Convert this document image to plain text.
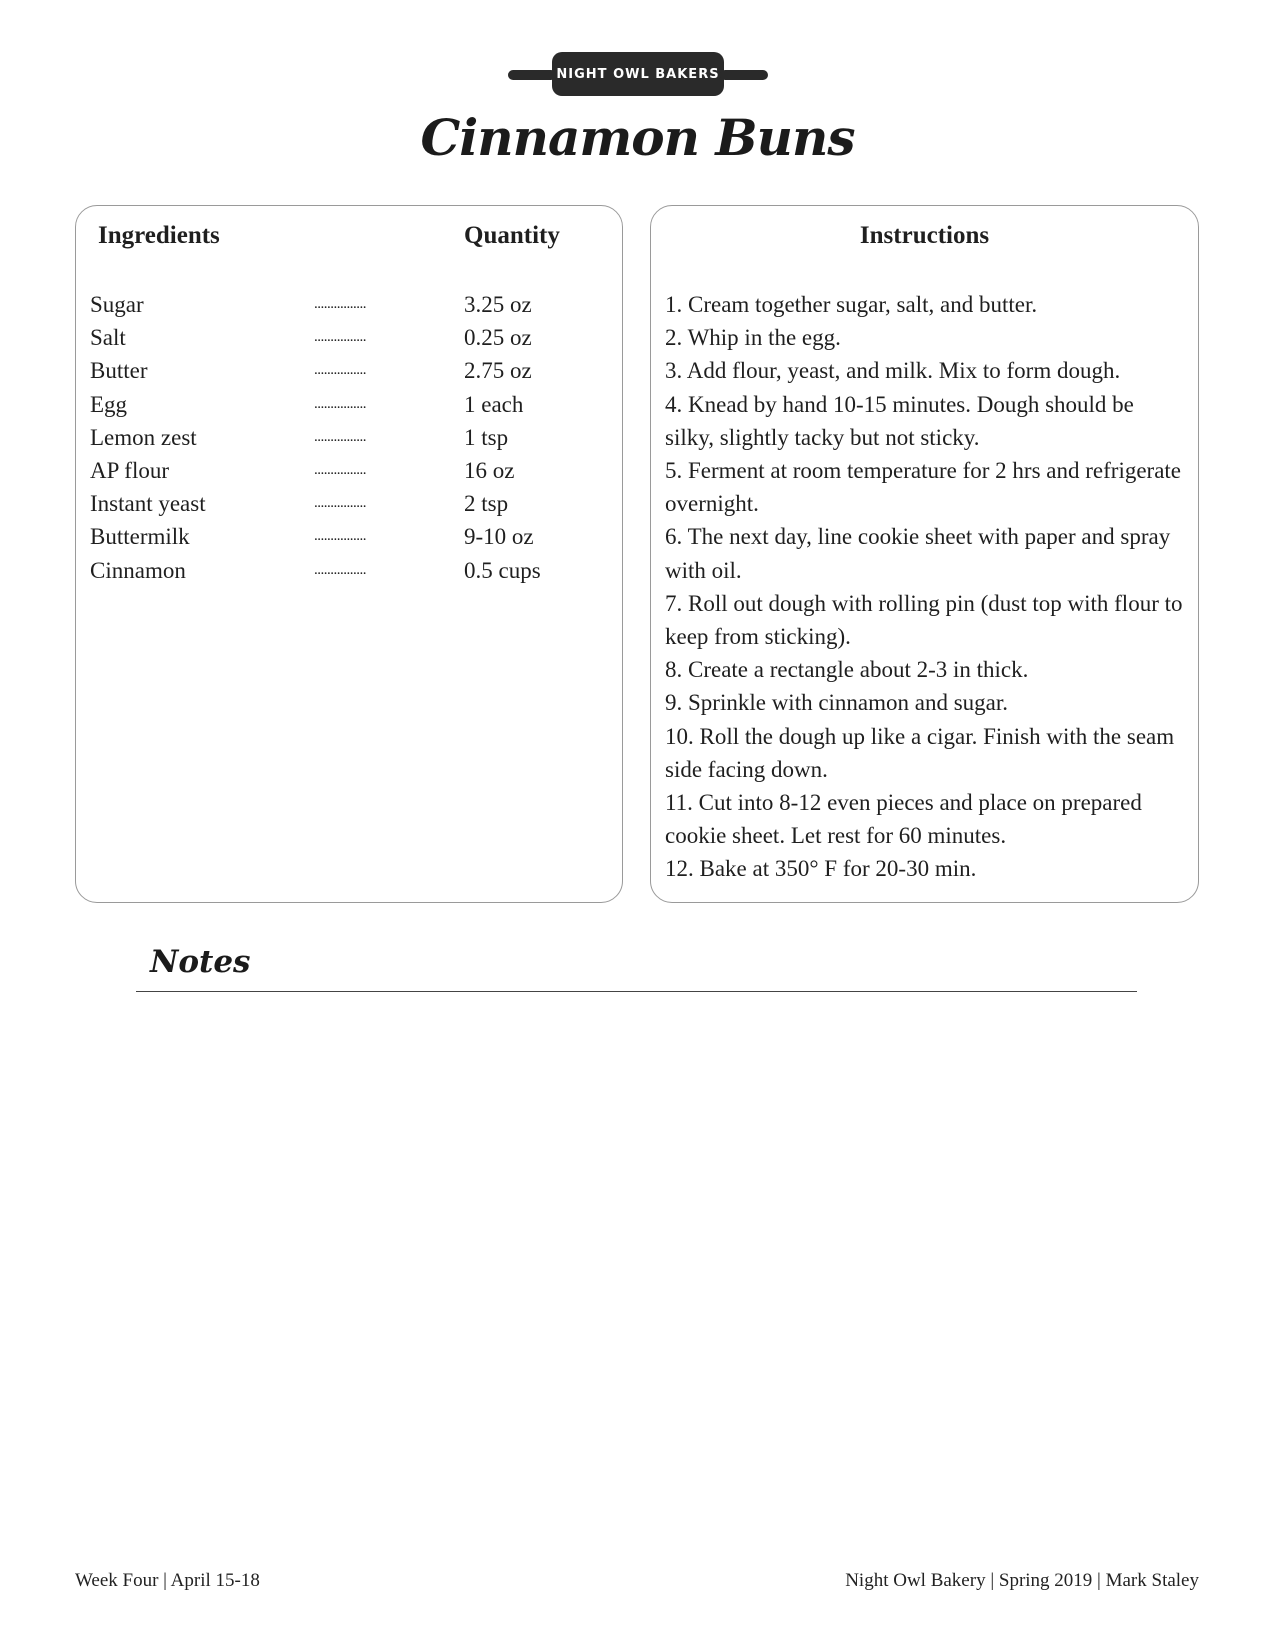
NIGHT OWL BAKERS
Cinnamon Buns
Ingredients	Quantity
Sugar	................	3.25 oz
Salt	................	0.25 oz
Butter	................	2.75 oz
Egg	................	1 each
Lemon zest	................	1 tsp
AP flour	................	16 oz
Instant yeast	................	2 tsp
Buttermilk	................	9-10 oz
Cinnamon	................	0.5 cups
Instructions
1. Cream together sugar, salt, and butter.
2. Whip in the egg.
3. Add flour, yeast, and milk. Mix to form dough.
4. Knead by hand 10-15 minutes. Dough should be silky, slightly tacky but not sticky.
5. Ferment at room temperature for 2 hrs and refrigerate overnight.
6. The next day, line cookie sheet with paper and spray with oil.
7. Roll out dough with rolling pin (dust top with flour to keep from sticking).
8. Create a rectangle about 2-3 in thick.
9. Sprinkle with cinnamon and sugar.
10. Roll the dough up like a cigar. Finish with the seam side facing down.
11. Cut into 8-12 even pieces and place on prepared cookie sheet. Let rest for 60 minutes.
12. Bake at 350° F for 20-30 min.
Notes
Week Four | April 15-18	Night Owl Bakery | Spring 2019 | Mark Staley
